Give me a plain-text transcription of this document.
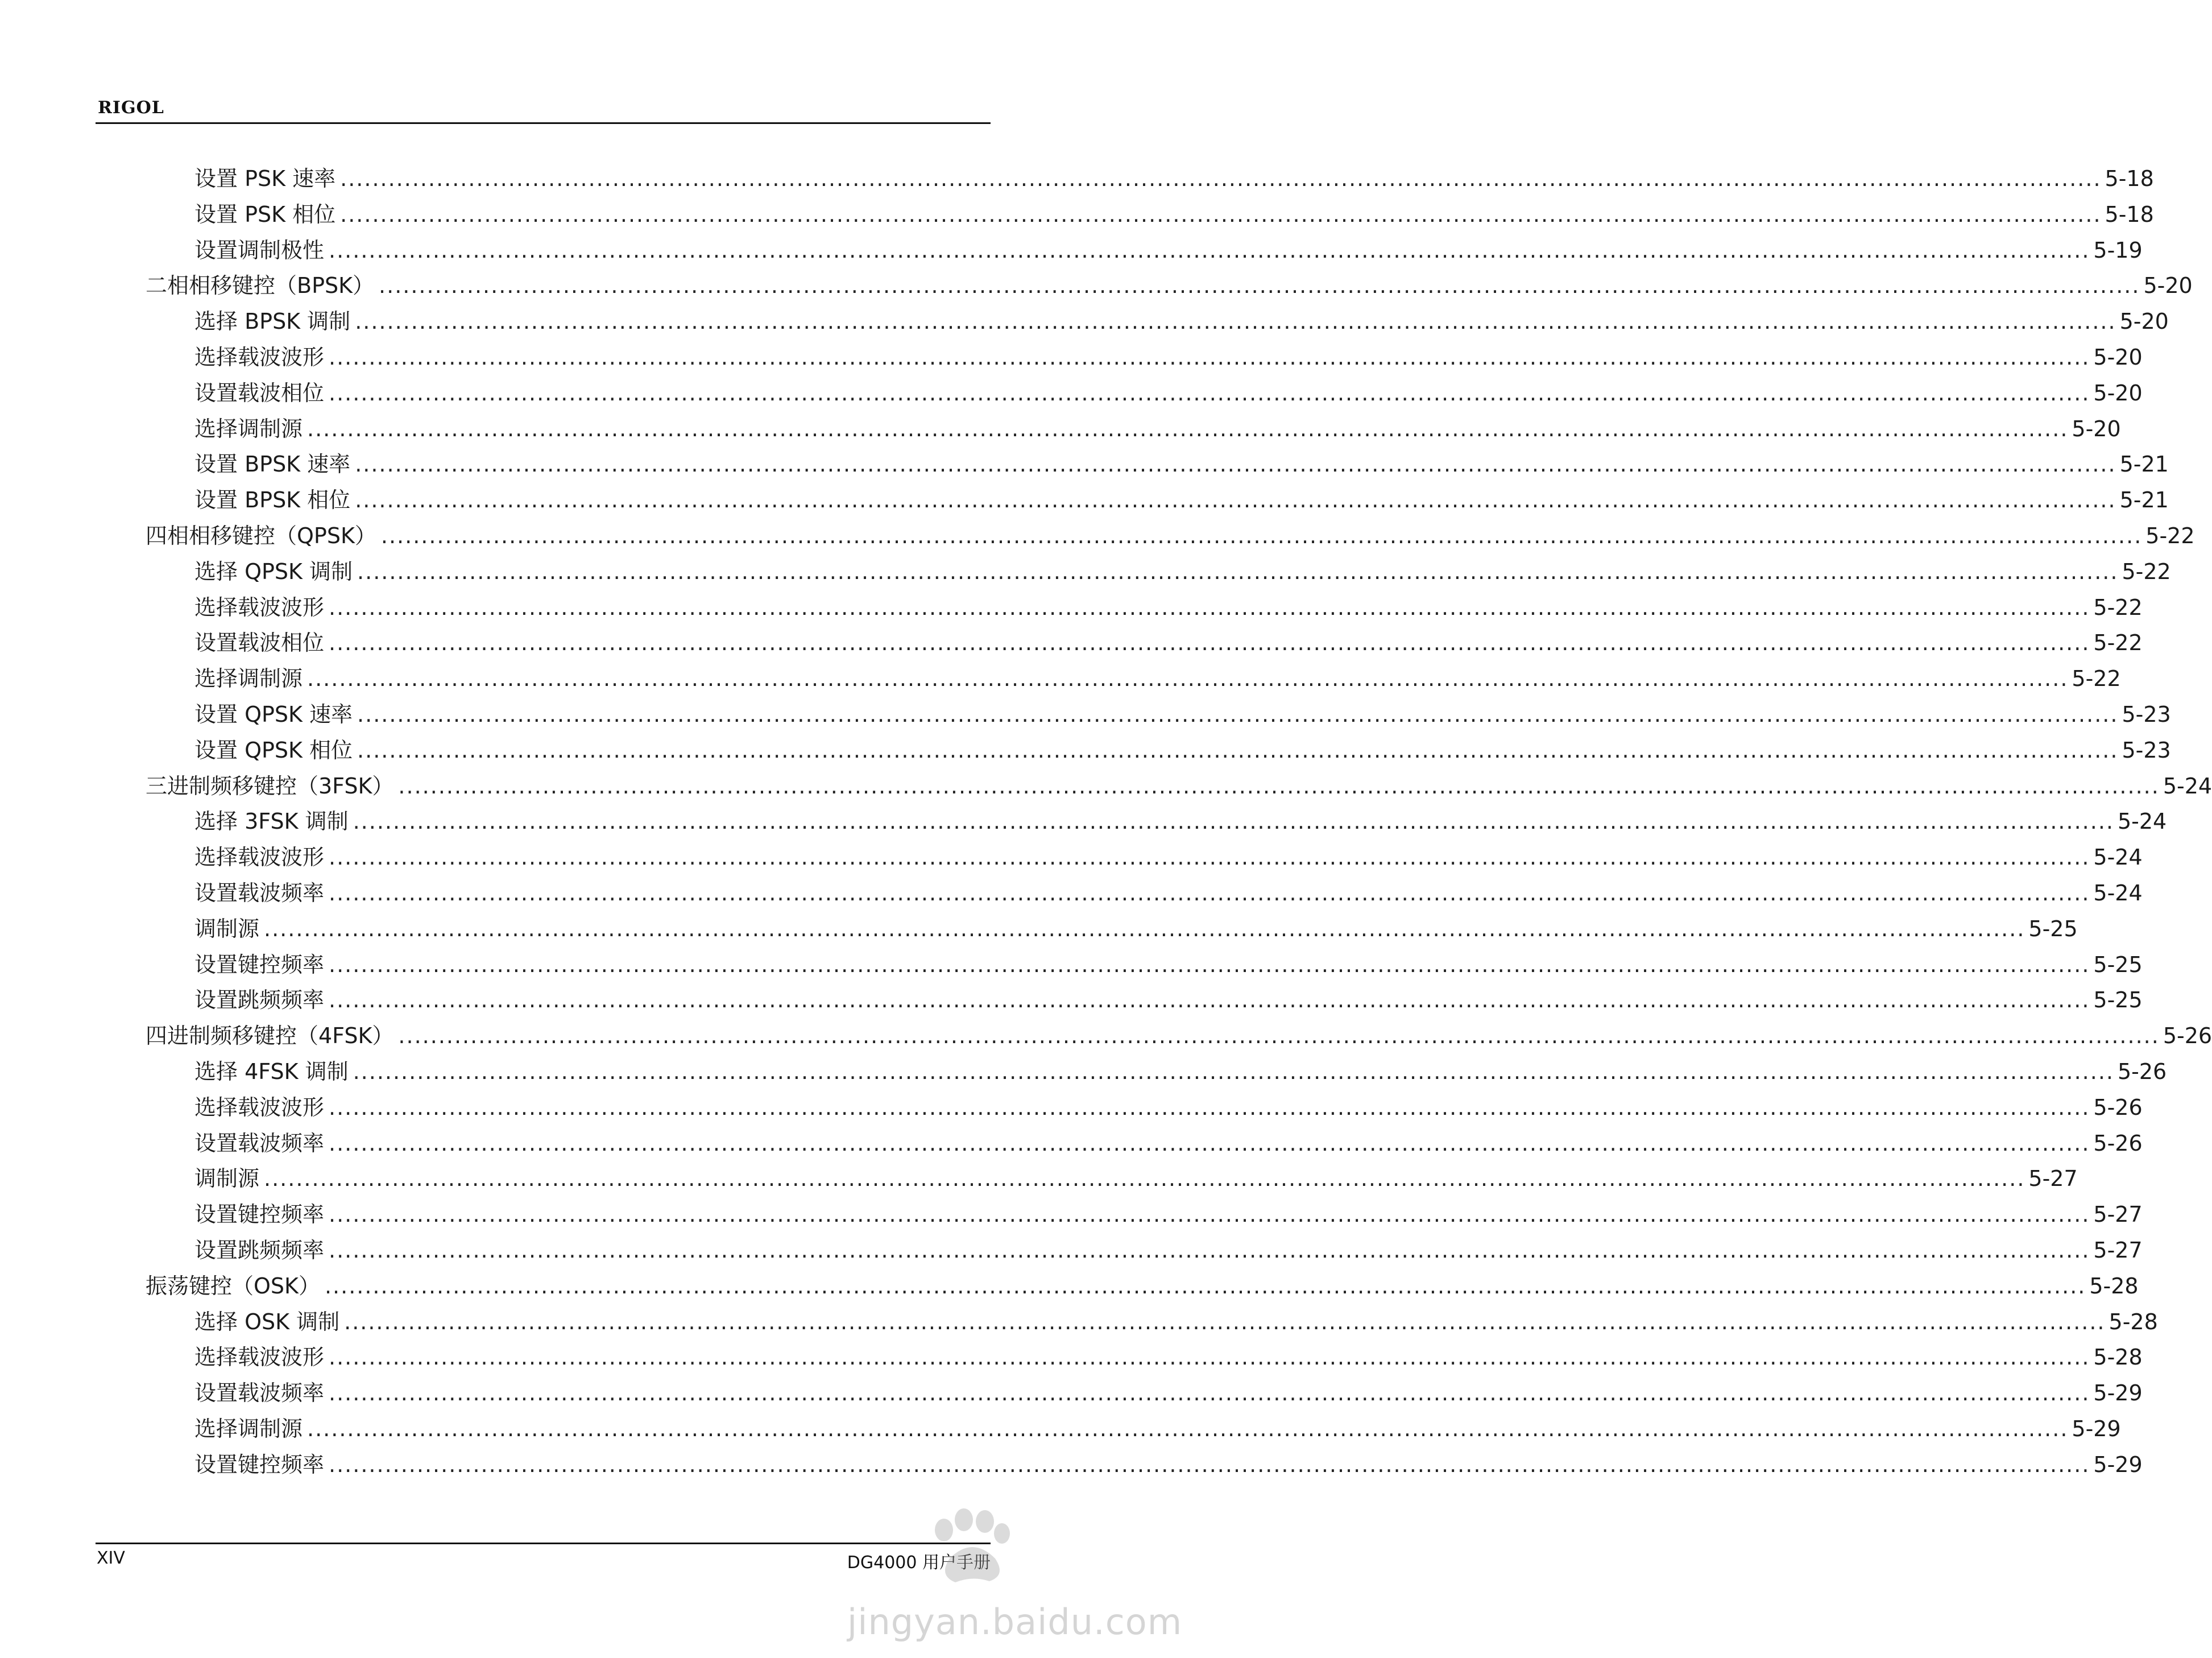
RIGOL
设置 PSK 速率 ............................................................................................................................................................................................................................ 5-18
设置 PSK 相位 ............................................................................................................................................................................................................................ 5-18
设置调制极性 ............................................................................................................................................................................................................................ 5-19
二相相移键控（BPSK） ............................................................................................................................................................................................................................ 5-20
选择 BPSK 调制 ............................................................................................................................................................................................................................ 5-20
选择载波波形 ............................................................................................................................................................................................................................ 5-20
设置载波相位 ............................................................................................................................................................................................................................ 5-20
选择调制源 ............................................................................................................................................................................................................................ 5-20
设置 BPSK 速率 ............................................................................................................................................................................................................................ 5-21
设置 BPSK 相位 ............................................................................................................................................................................................................................ 5-21
四相相移键控（QPSK） ............................................................................................................................................................................................................................ 5-22
选择 QPSK 调制 ............................................................................................................................................................................................................................ 5-22
选择载波波形 ............................................................................................................................................................................................................................ 5-22
设置载波相位 ............................................................................................................................................................................................................................ 5-22
选择调制源 ............................................................................................................................................................................................................................ 5-22
设置 QPSK 速率 ............................................................................................................................................................................................................................ 5-23
设置 QPSK 相位 ............................................................................................................................................................................................................................ 5-23
三进制频移键控（3FSK） ............................................................................................................................................................................................................................ 5-24
选择 3FSK 调制 ............................................................................................................................................................................................................................ 5-24
选择载波波形 ............................................................................................................................................................................................................................ 5-24
设置载波频率 ............................................................................................................................................................................................................................ 5-24
调制源 ............................................................................................................................................................................................................................ 5-25
设置键控频率 ............................................................................................................................................................................................................................ 5-25
设置跳频频率 ............................................................................................................................................................................................................................ 5-25
四进制频移键控（4FSK） ............................................................................................................................................................................................................................ 5-26
选择 4FSK 调制 ............................................................................................................................................................................................................................ 5-26
选择载波波形 ............................................................................................................................................................................................................................ 5-26
设置载波频率 ............................................................................................................................................................................................................................ 5-26
调制源 ............................................................................................................................................................................................................................ 5-27
设置键控频率 ............................................................................................................................................................................................................................ 5-27
设置跳频频率 ............................................................................................................................................................................................................................ 5-27
振荡键控（OSK） ............................................................................................................................................................................................................................ 5-28
选择 OSK 调制 ............................................................................................................................................................................................................................ 5-28
选择载波波形 ............................................................................................................................................................................................................................ 5-28
设置载波频率 ............................................................................................................................................................................................................................ 5-29
选择调制源 ............................................................................................................................................................................................................................ 5-29
设置键控频率 ............................................................................................................................................................................................................................ 5-29
XIV	DG4000 用户手册
jingyan.baidu.com
